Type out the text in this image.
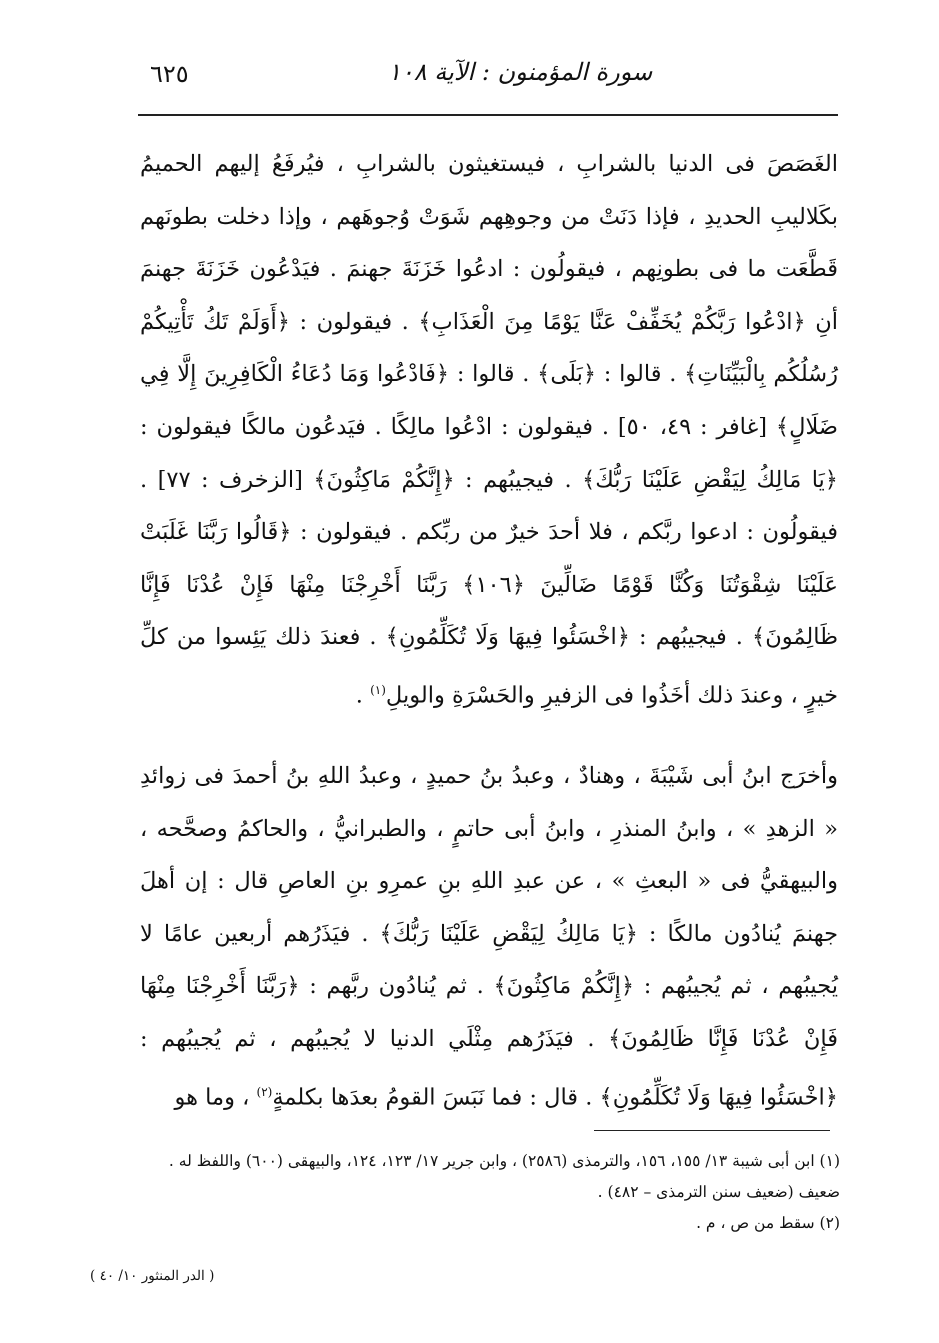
٦٢٥	سورة المؤمنون : الآية ١٠٨

الغَصَصَ فى الدنيا بالشرابِ ، فيستغيثون بالشرابِ ، فيُرفَعُ إليهم الحميمُ بكَلاليبِ الحديدِ ، فإذا دَنَتْ من وجوهِهم شَوَتْ وُجوهَهم ، وإذا دخلت بطونَهم قَطَّعَت ما فى بطونِهم ، فيقولُون : ادعُوا خَزَنَةَ جهنمَ . فيَدْعُون خَزَنَةَ جهنمَ أنِ ﴿ادْعُوا رَبَّكُمْ يُخَفِّفْ عَنَّا يَوْمًا مِنَ الْعَذَابِ﴾ . فيقولون : ﴿أَوَلَمْ تَكُ تَأْتِيكُمْ رُسُلُكُم بِالْبَيِّنَاتِ﴾ . قالوا : ﴿بَلَى﴾ . قالوا : ﴿فَادْعُوا وَمَا دُعَاءُ الْكَافِرِينَ إِلَّا فِي ضَلَالٍ﴾ [غافر : ٤٩، ٥٠] . فيقولون : ادْعُوا مالِكًا . فيَدعُون مالكًا فيقولون : ﴿يَا مَالِكُ لِيَقْضِ عَلَيْنَا رَبُّكَ﴾ . فيجيبُهم : ﴿إِنَّكُمْ مَاكِثُونَ﴾ [الزخرف : ٧٧] . فيقولُون : ادعوا ربَّكم ، فلا أحدَ خيرٌ من ربِّكم . فيقولون : ﴿قَالُوا رَبَّنَا غَلَبَتْ عَلَيْنَا شِقْوَتُنَا وَكُنَّا قَوْمًا ضَالِّينَ ﴿١٠٦﴾ رَبَّنَا أَخْرِجْنَا مِنْهَا فَإِنْ عُدْنَا فَإِنَّا ظَالِمُونَ﴾ . فيجيبُهم : ﴿اخْسَئُوا فِيهَا وَلَا تُكَلِّمُونِ﴾ . فعندَ ذلك يَئِسوا من كلِّ خيرٍ ، وعندَ ذلك أخَذُوا فى الزفيرِ والحَسْرَةِ والويلِ$^{(١)}$ .

وأخرَج ابنُ أبى شَيْبَةَ ، وهنادٌ ، وعبدُ بنُ حميدٍ ، وعبدُ اللهِ بنُ أحمدَ فى زوائدِ « الزهدِ » ، وابنُ المنذرِ ، وابنُ أبى حاتمٍ ، والطبرانيُّ ، والحاكمُ وصحَّحه ، والبيهقيُّ فى « البعثِ » ، عن عبدِ اللهِ بنِ عمرِو بنِ العاصِ قال : إن أهلَ جهنمَ يُنادُون مالكًا : ﴿يَا مَالِكُ لِيَقْضِ عَلَيْنَا رَبُّكَ﴾ . فيَذَرُهم أربعين عامًا لا يُجيبُهم ، ثم يُجيبُهم : ﴿إِنَّكُمْ مَاكِثُونَ﴾ . ثم يُنادُون ربَّهم : ﴿رَبَّنَا أَخْرِجْنَا مِنْهَا فَإِنْ عُدْنَا فَإِنَّا ظَالِمُونَ﴾ . فيَذَرُهم مِثْلَي الدنيا لا يُجيبُهم ، ثم يُجيبُهم : ﴿اخْسَئُوا فِيهَا وَلَا تُكَلِّمُونِ﴾ . قال : فما نَبَسَ القومُ بعدَها بكلمةٍ$^{(٢)}$ ، وما هو

(١) ابن أبى شيبة ١٣/ ١٥٥، ١٥٦، والترمذى (٢٥٨٦) ، وابن جرير ١٧/ ١٢٣، ١٢٤، والبيهقى (٦٠٠) واللفظ له . ضعيف (ضعيف سنن الترمذى – ٤٨٢) .

(٢) سقط من ص ، م .

( الدر المنثور ١٠/ ٤٠ )
